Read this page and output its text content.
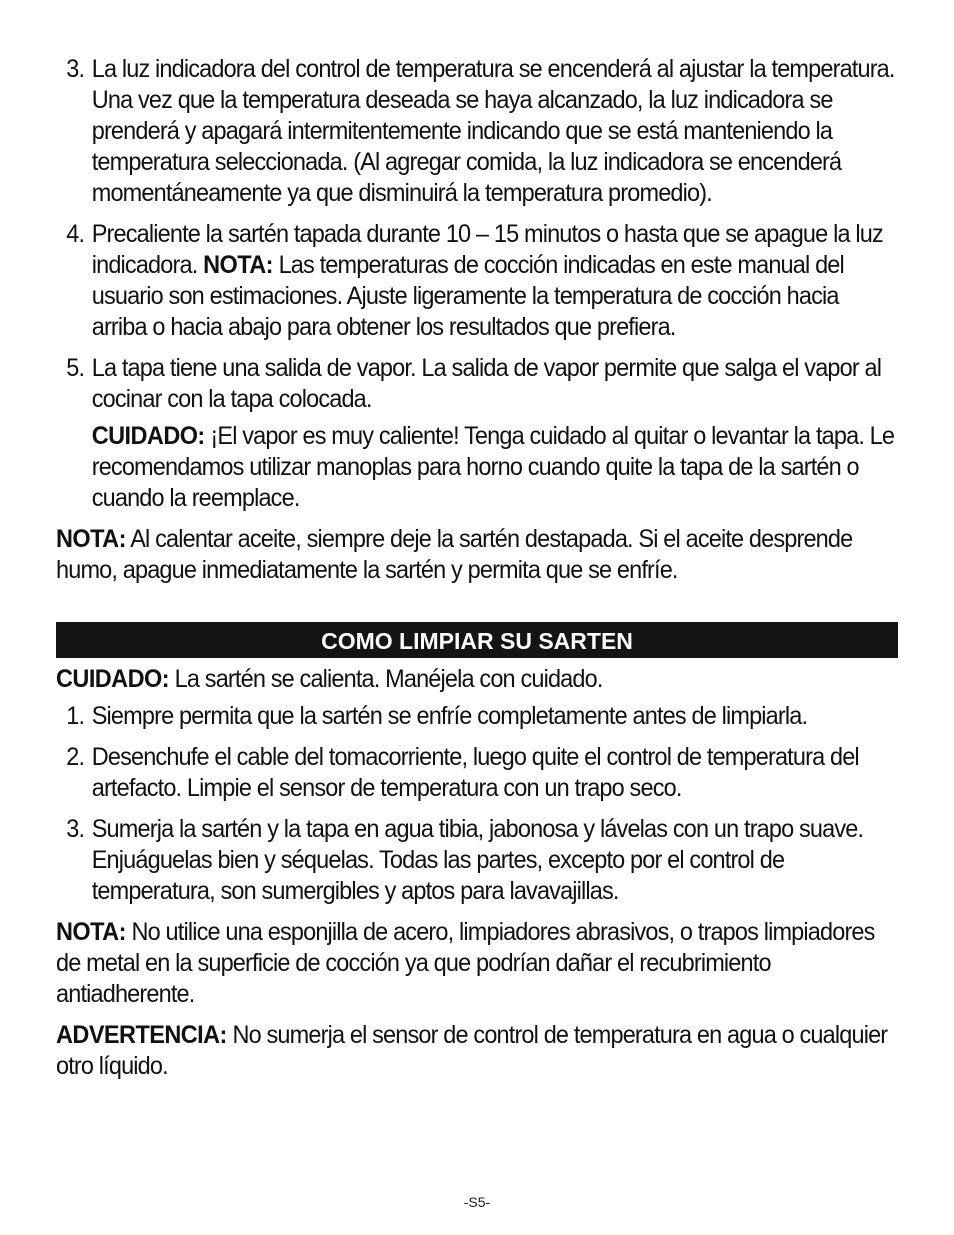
3. La luz indicadora del control de temperatura se encenderá al ajustar la temperatura. Una vez que la temperatura deseada se haya alcanzado, la luz indicadora se prenderá y apagará intermitentemente indicando que se está manteniendo la temperatura seleccionada. (Al agregar comida, la luz indicadora se encenderá momentáneamente ya que disminuirá la temperatura promedio).
4. Precaliente la sartén tapada durante 10 – 15 minutos o hasta que se apague la luz indicadora. NOTA: Las temperaturas de cocción indicadas en este manual del usuario son estimaciones. Ajuste ligeramente la temperatura de cocción hacia arriba o hacia abajo para obtener los resultados que prefiera.
5. La tapa tiene una salida de vapor. La salida de vapor permite que salga el vapor al cocinar con la tapa colocada.
CUIDADO: ¡El vapor es muy caliente! Tenga cuidado al quitar o levantar la tapa. Le recomendamos utilizar manoplas para horno cuando quite la tapa de la sartén o cuando la reemplace.
NOTA: Al calentar aceite, siempre deje la sartén destapada. Si el aceite desprende humo, apague inmediatamente la sartén y permita que se enfríe.
COMO LIMPIAR SU SARTEN
CUIDADO: La sartén se calienta. Manéjela con cuidado.
1. Siempre permita que la sartén se enfríe completamente antes de limpiarla.
2. Desenchufe el cable del tomacorriente, luego quite el control de temperatura del artefacto. Limpie el sensor de temperatura con un trapo seco.
3. Sumerja la sartén y la tapa en agua tibia, jabonosa y lávelas con un trapo suave. Enjuáguelas bien y séquelas. Todas las partes, excepto por el control de temperatura, son sumergibles y aptos para lavavajillas.
NOTA: No utilice una esponjilla de acero, limpiadores abrasivos, o trapos limpiadores de metal en la superficie de cocción ya que podrían dañar el recubrimiento antiadherente.
ADVERTENCIA: No sumerja el sensor de control de temperatura en agua o cualquier otro líquido.
-S5-
